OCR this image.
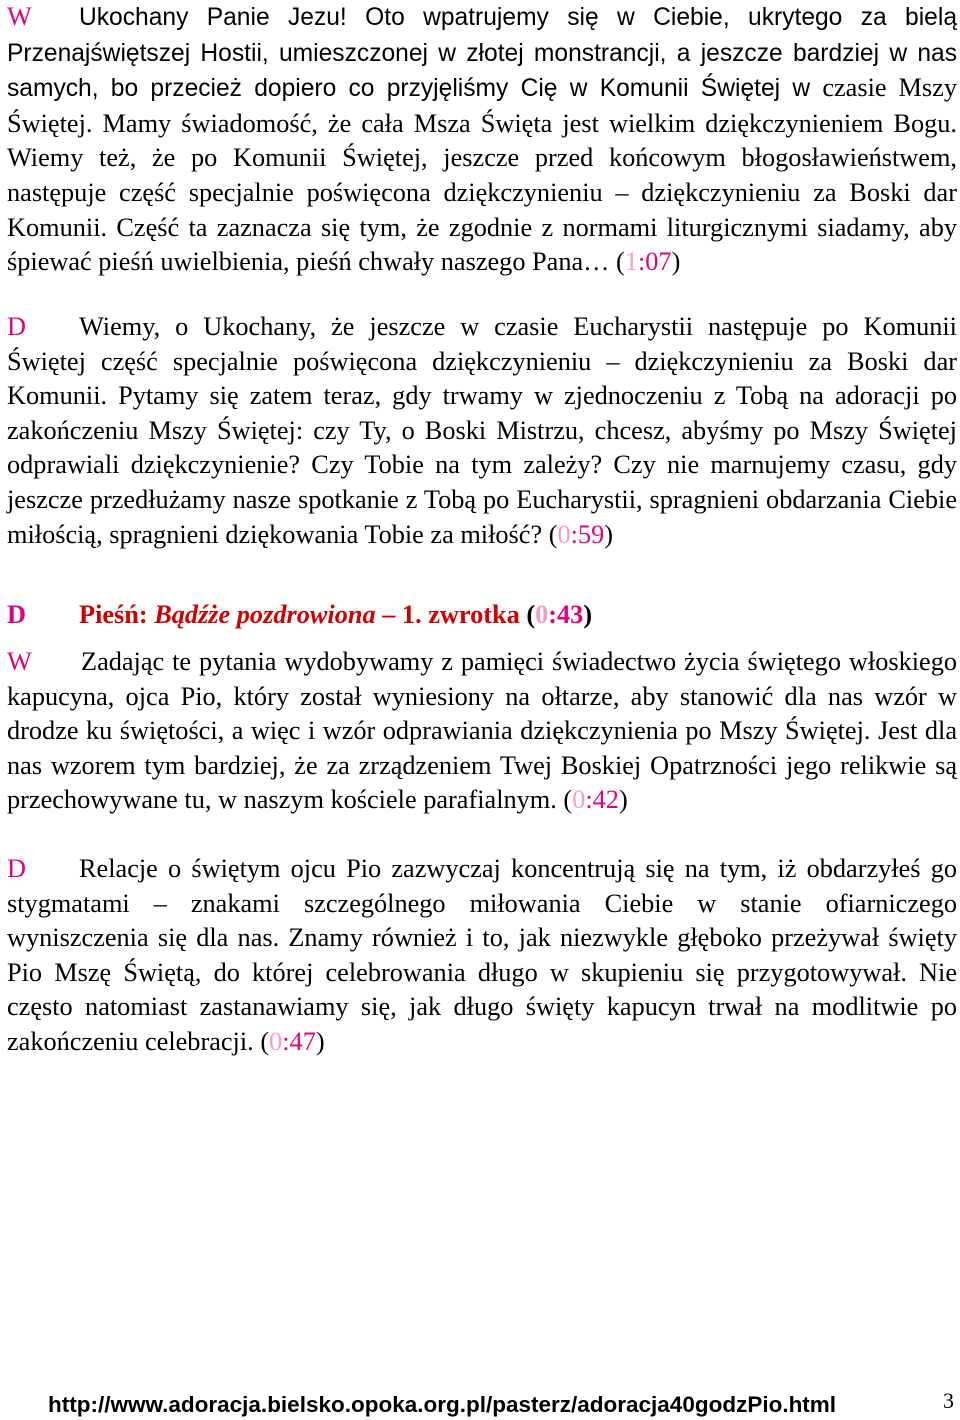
W Ukochany Panie Jezu! Oto wpatrujemy się w Ciebie, ukrytego za bielą Przenajświętszej Hostii, umieszczonej w złotej monstrancji, a jeszcze bardziej w nas samych, bo przecież dopiero co przyjęliśmy Cię w Komunii Świętej w czasie Mszy Świętej. Mamy świadomość, że cała Msza Święta jest wielkim dziękczynieniem Bogu. Wiemy też, że po Komunii Świętej, jeszcze przed końcowym błogosławieństwem, następuje część specjalnie poświęcona dziękczynieniu – dziękczynieniu za Boski dar Komunii. Część ta zaznacza się tym, że zgodnie z normami liturgicznymi siadamy, aby śpiewać pieśń uwielbienia, pieśń chwały naszego Pana… (1:07)

D Wiemy, o Ukochany, że jeszcze w czasie Eucharystii następuje po Komunii Świętej część specjalnie poświęcona dziękczynieniu – dziękczynieniu za Boski dar Komunii. Pytamy się zatem teraz, gdy trwamy w zjednoczeniu z Tobą na adoracji po zakończeniu Mszy Świętej: czy Ty, o Boski Mistrzu, chcesz, abyśmy po Mszy Świętej odprawiali dziękczynienie? Czy Tobie na tym zależy? Czy nie marnujemy czasu, gdy jeszcze przedłużamy nasze spotkanie z Tobą po Eucharystii, spragnieni obdarzania Ciebie miłością, spragnieni dziękowania Tobie za miłość? (0:59)

D Pieśń: Bądźże pozdrowiona – 1. zwrotka (0:43)

W Zadając te pytania wydobywamy z pamięci świadectwo życia świętego włoskiego kapucyna, ojca Pio, który został wyniesiony na ołtarze, aby stanowić dla nas wzór w drodze ku świętości, a więc i wzór odprawiania dziękczynienia po Mszy Świętej. Jest dla nas wzorem tym bardziej, że za zrządzeniem Twej Boskiej Opatrzności jego relikwie są przechowywane tu, w naszym kościele parafialnym. (0:42)

D Relacje o świętym ojcu Pio zazwyczaj koncentrują się na tym, iż obdarzyłeś go stygmatami – znakami szczególnego miłowania Ciebie w stanie ofiarniczego wyniszczenia się dla nas. Znamy również i to, jak niezwykle głęboko przeżywał święty Pio Mszę Świętą, do której celebrowania długo w skupieniu się przygotowywał. Nie często natomiast zastanawiamy się, jak długo święty kapucyn trwał na modlitwie po zakończeniu celebracji. (0:47)

http://www.adoracja.bielsko.opoka.org.pl/pasterz/adoracja40godzPio.html	3
